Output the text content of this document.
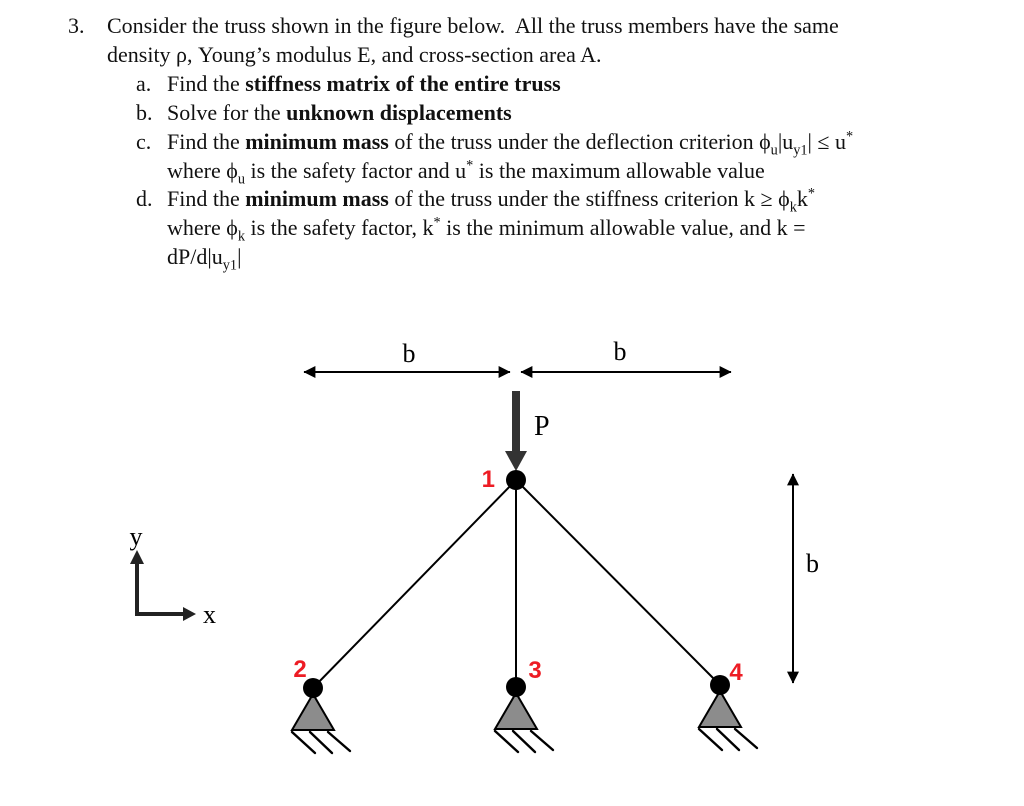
3.	Consider the truss shown in the figure below.  All the truss members have the same
density ρ, Young’s modulus E, and cross-section area A.
a. Find the stiffness matrix of the entire truss
b. Solve for the unknown displacements
c. Find the minimum mass of the truss under the deflection criterion $\phi_u|u_{y1}| \le u^*$
where $\phi_u$ is the safety factor and u* is the maximum allowable value
d. Find the minimum mass of the truss under the stiffness criterion $k \ge \phi_kk^*$
where $\phi_k$ is the safety factor, k* is the minimum allowable value, and k =
$dP/d|u_{y1}|$
b	b
b
P
1
2	3	4
y
x
